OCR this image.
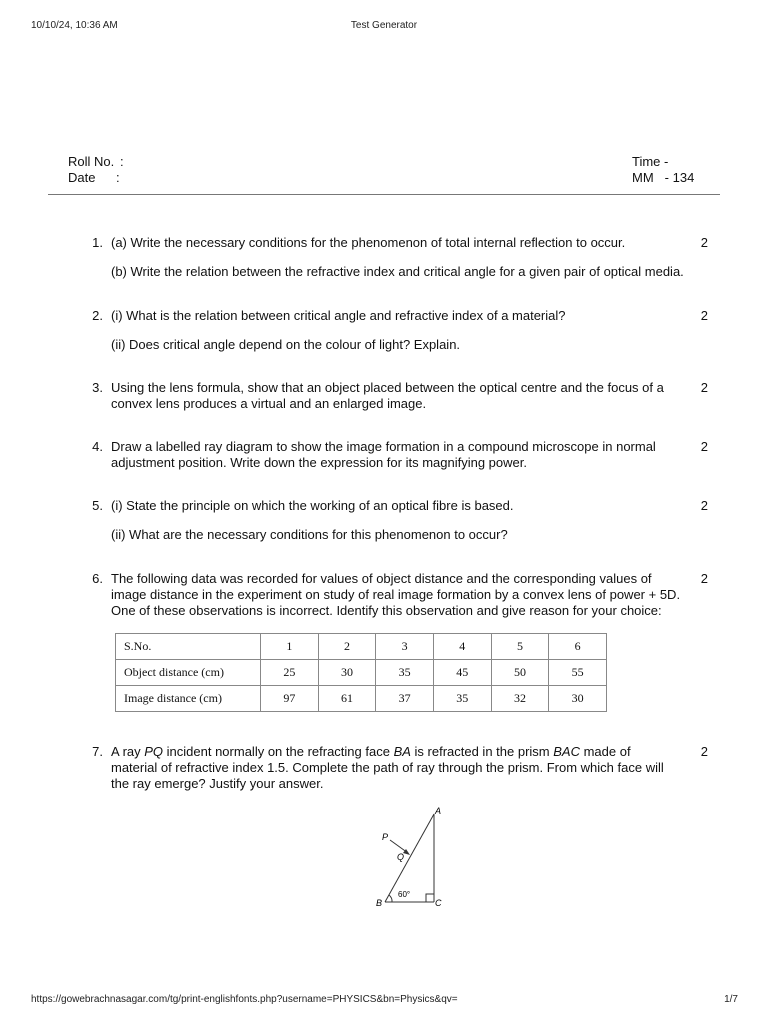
10/10/24, 10:36 AM	Test Generator
Roll No. :
Date	:
Time -
MM - 134
1. (a) Write the necessary conditions for the phenomenon of total internal reflection to occur.	2
(b) Write the relation between the refractive index and critical angle for a given pair of optical media.
2. (i) What is the relation between critical angle and refractive index of a material?	2
(ii) Does critical angle depend on the colour of light? Explain.
3. Using the lens formula, show that an object placed between the optical centre and the focus of a
convex lens produces a virtual and an enlarged image.
2
4. Draw a labelled ray diagram to show the image formation in a compound microscope in normal
adjustment position. Write down the expression for its magnifying power.
2
5. (i) State the principle on which the working of an optical fibre is based.	2
(ii) What are the necessary conditions for this phenomenon to occur?
6. The following data was recorded for values of object distance and the corresponding values of
image distance in the experiment on study of real image formation by a convex lens of power + 5D.
One of these observations is incorrect. Identify this observation and give reason for your choice:
2
S.No.	1	2	3	4	5	6
Object distance (cm)	25	30	35	45	50	55
Image distance (cm)	97	61	37	35	32	30
7. A ray PQ incident normally on the refracting face BA is refracted in the prism BAC made of
material of refractive index 1.5. Complete the path of ray through the prism. From which face will
the ray emerge? Justify your answer.
2
A
B	C
P
Q
60°
https://gowebrachnasagar.com/tg/print-englishfonts.php?username=PHYSICS&bn=Physics&qv=	1/7
